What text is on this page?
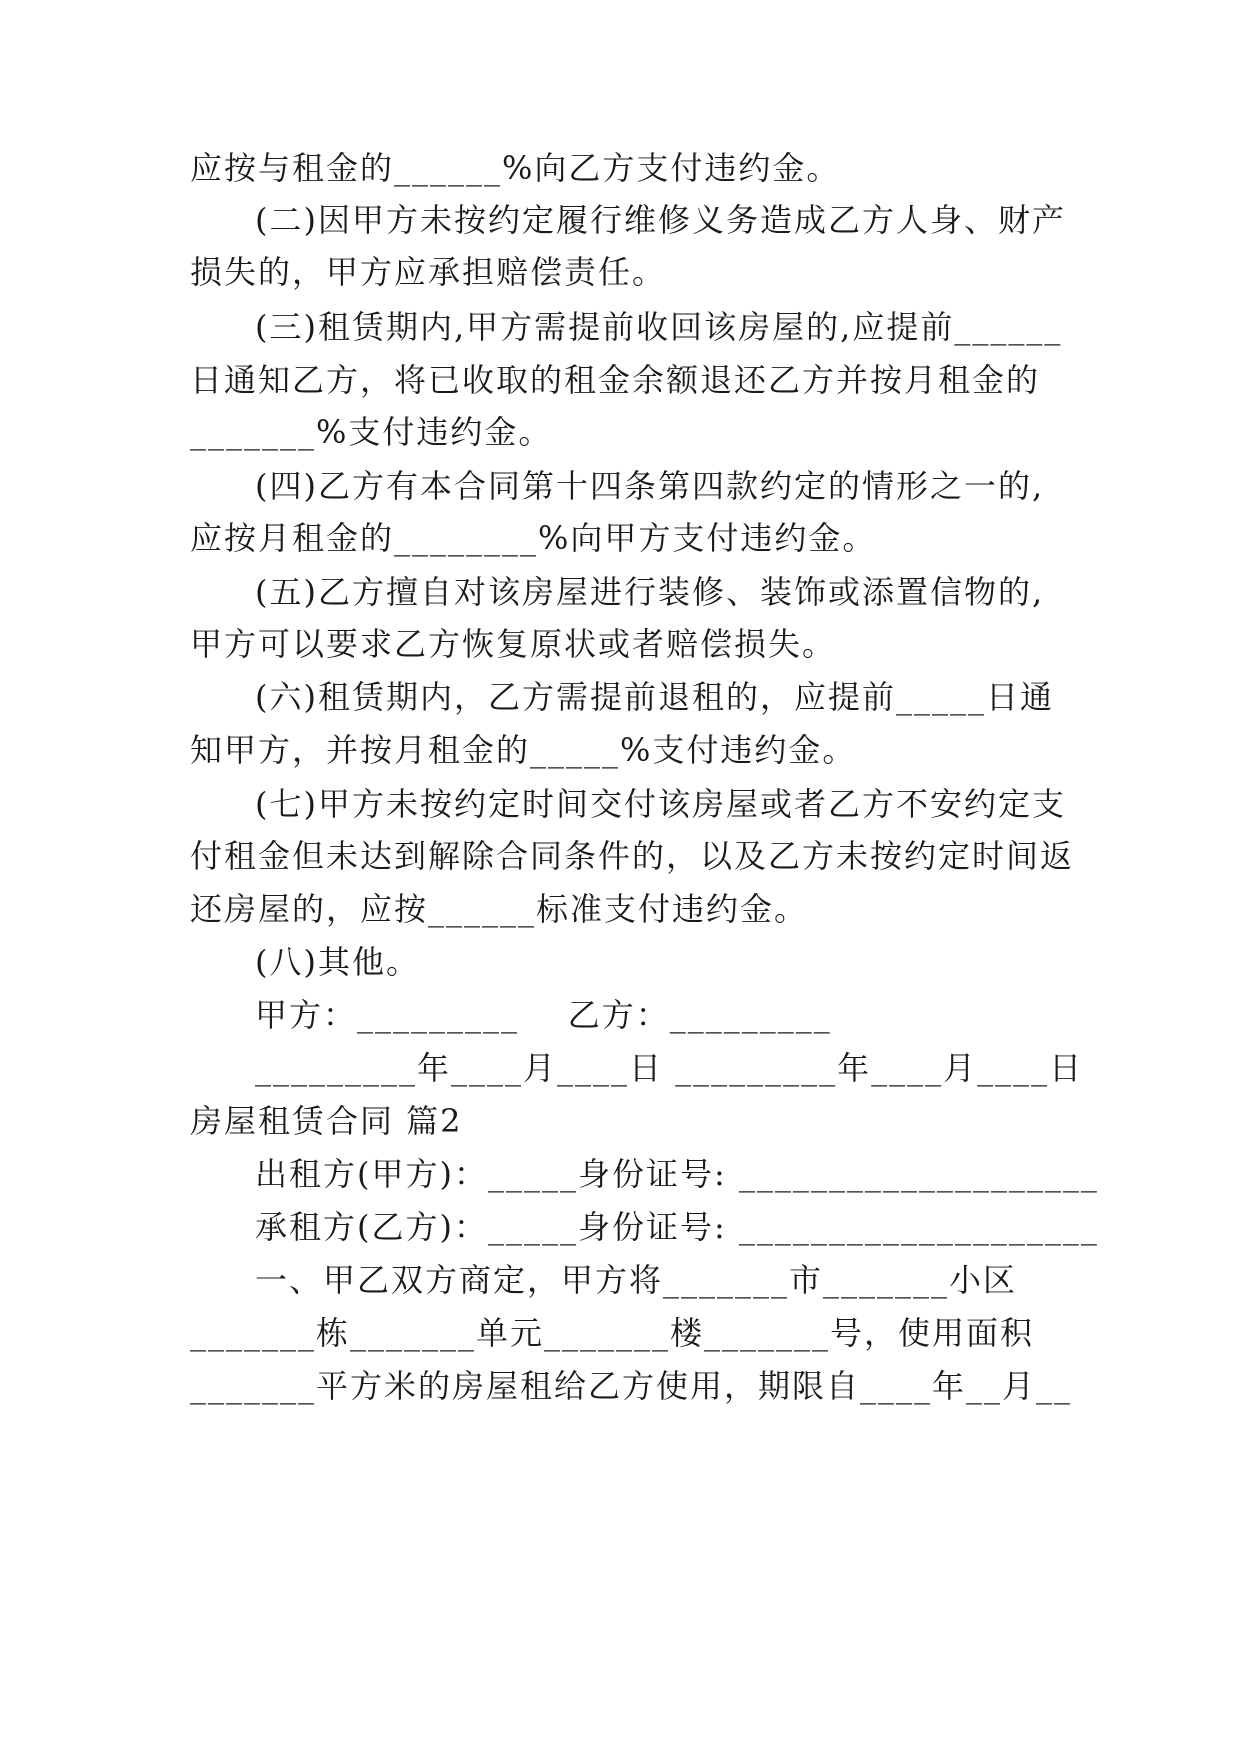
应按与租金的______%向乙方支付违约金。
(二)因甲方未按约定履行维修义务造成乙方人身、财产
损失的，甲方应承担赔偿责任。
(三)租赁期内,甲方需提前收回该房屋的,应提前______
日通知乙方，将已收取的租金余额退还乙方并按月租金的
_______%支付违约金。
(四)乙方有本合同第十四条第四款约定的情形之一的,
应按月租金的________%向甲方支付违约金。
(五)乙方擅自对该房屋进行装修、装饰或添置信物的,
甲方可以要求乙方恢复原状或者赔偿损失。
(六)租赁期内，乙方需提前退租的，应提前_____日通
知甲方，并按月租金的_____%支付违约金。
(七)甲方未按约定时间交付该房屋或者乙方不安约定支
付租金但未达到解除合同条件的，以及乙方未按约定时间返
还房屋的，应按______标准支付违约金。
(八)其他。
甲方：_________    乙方：_________
_________年____月____日 _________年____月____日
房屋租赁合同 篇2
出租方(甲方)：_____身份证号: ____________________
承租方(乙方)：_____身份证号: ____________________
一、甲乙双方商定，甲方将_______市_______小区
_______栋_______单元_______楼_______号，使用面积
_______平方米的房屋租给乙方使用，期限自____年__月__
